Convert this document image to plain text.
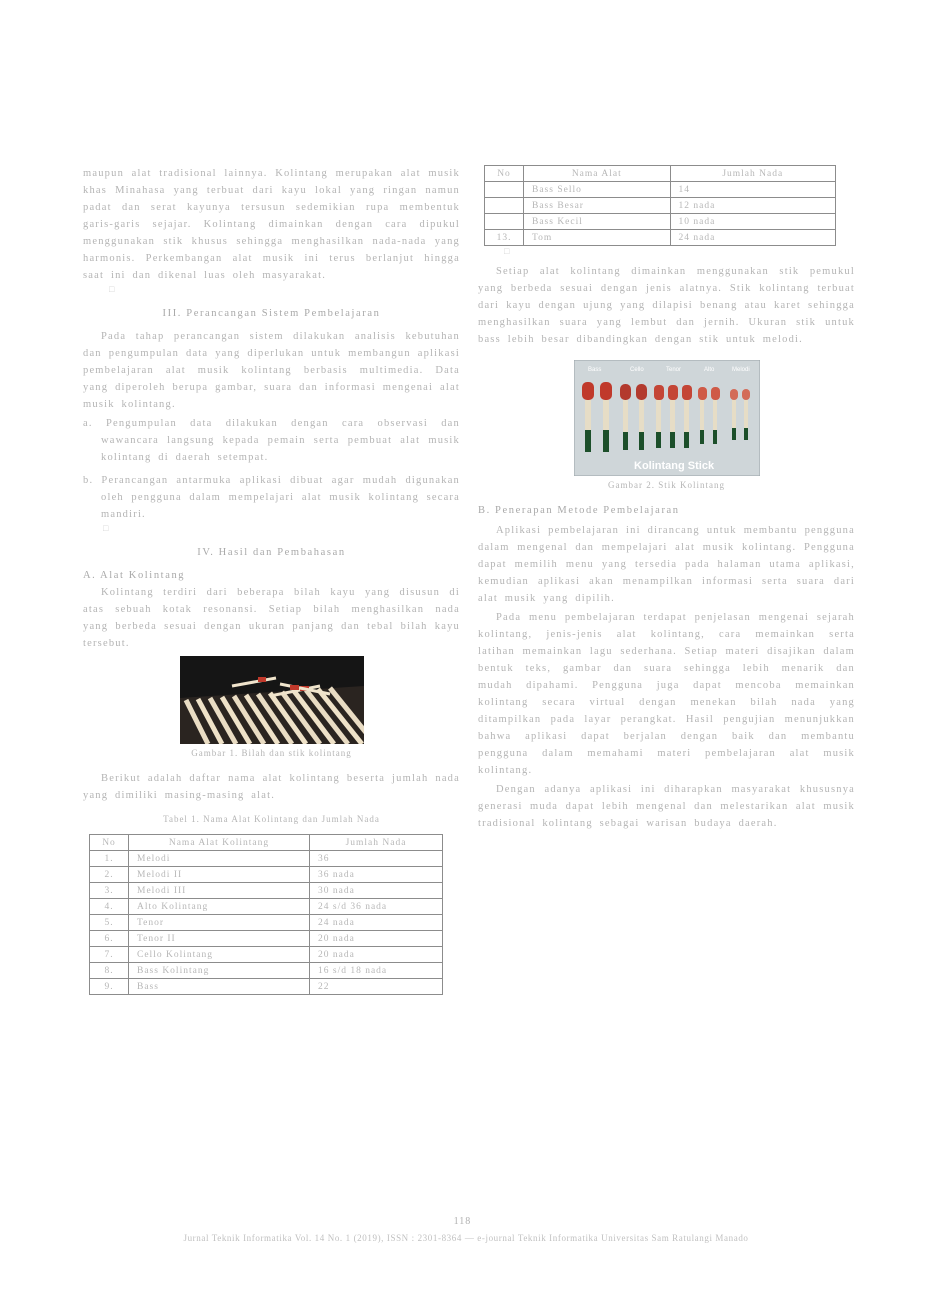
maupun alat tradisional lainnya. Kolintang merupakan alat musik khas Minahasa yang terbuat dari kayu lokal yang ringan namun padat dan serat kayunya tersusun sedemikian rupa membentuk garis-garis sejajar. Kolintang dimainkan dengan cara dipukul menggunakan stik khusus sehingga menghasilkan nada-nada yang harmonis. Perkembangan alat musik ini terus berlanjut hingga saat ini dan dikenal luas oleh masyarakat.

□

III. Perancangan Sistem Pembelajaran

Pada tahap perancangan sistem dilakukan analisis kebutuhan dan pengumpulan data yang diperlukan untuk membangun aplikasi pembelajaran alat musik kolintang berbasis multimedia. Data yang diperoleh berupa gambar, suara dan informasi mengenai alat musik kolintang.

a. Pengumpulan data dilakukan dengan cara observasi dan wawancara langsung kepada pemain serta pembuat alat musik kolintang di daerah setempat.

b. Perancangan antarmuka aplikasi dibuat agar mudah digunakan oleh pengguna dalam mempelajari alat musik kolintang secara mandiri.

□

IV. Hasil dan Pembahasan

A. Alat Kolintang

Kolintang terdiri dari beberapa bilah kayu yang disusun di atas sebuah kotak resonansi. Setiap bilah menghasilkan nada yang berbeda sesuai dengan ukuran panjang dan tebal bilah kayu tersebut.

Gambar 1. Bilah dan stik kolintang

Berikut adalah daftar nama alat kolintang beserta jumlah nada yang dimiliki masing-masing alat.

Tabel 1. Nama Alat Kolintang dan Jumlah Nada

No	Nama Alat Kolintang	Jumlah Nada
1.	Melodi	36
2.	Melodi II	36 nada
3.	Melodi III	30 nada
4.	Alto Kolintang	24 s/d 36 nada
5.	Tenor	24 nada
6.	Tenor II	20 nada
7.	Cello Kolintang	20 nada
8.	Bass Kolintang	16 s/d 18 nada
9.	Bass	22
No	Nama Alat	Jumlah Nada
	Bass Sello	14
	Bass Besar	12 nada
	Bass Kecil	10 nada
13.	Tom	24 nada
□

Setiap alat kolintang dimainkan menggunakan stik pemukul yang berbeda sesuai dengan jenis alatnya. Stik kolintang terbuat dari kayu dengan ujung yang dilapisi benang atau karet sehingga menghasilkan suara yang lembut dan jernih. Ukuran stik untuk bass lebih besar dibandingkan dengan stik untuk melodi.

Bass	Cello	Tenor	Alto	Melodi
Kolintang Stick

Gambar 2. Stik Kolintang

B. Penerapan Metode Pembelajaran

Aplikasi pembelajaran ini dirancang untuk membantu pengguna dalam mengenal dan mempelajari alat musik kolintang. Pengguna dapat memilih menu yang tersedia pada halaman utama aplikasi, kemudian aplikasi akan menampilkan informasi serta suara dari alat musik yang dipilih.

Pada menu pembelajaran terdapat penjelasan mengenai sejarah kolintang, jenis-jenis alat kolintang, cara memainkan serta latihan memainkan lagu sederhana. Setiap materi disajikan dalam bentuk teks, gambar dan suara sehingga lebih menarik dan mudah dipahami. Pengguna juga dapat mencoba memainkan kolintang secara virtual dengan menekan bilah nada yang ditampilkan pada layar perangkat. Hasil pengujian menunjukkan bahwa aplikasi dapat berjalan dengan baik dan membantu pengguna dalam memahami materi pembelajaran alat musik kolintang.

Dengan adanya aplikasi ini diharapkan masyarakat khususnya generasi muda dapat lebih mengenal dan melestarikan alat musik tradisional kolintang sebagai warisan budaya daerah.

118
Jurnal Teknik Informatika Vol. 14 No. 1 (2019), ISSN : 2301-8364 — e-journal Teknik Informatika Universitas Sam Ratulangi Manado
